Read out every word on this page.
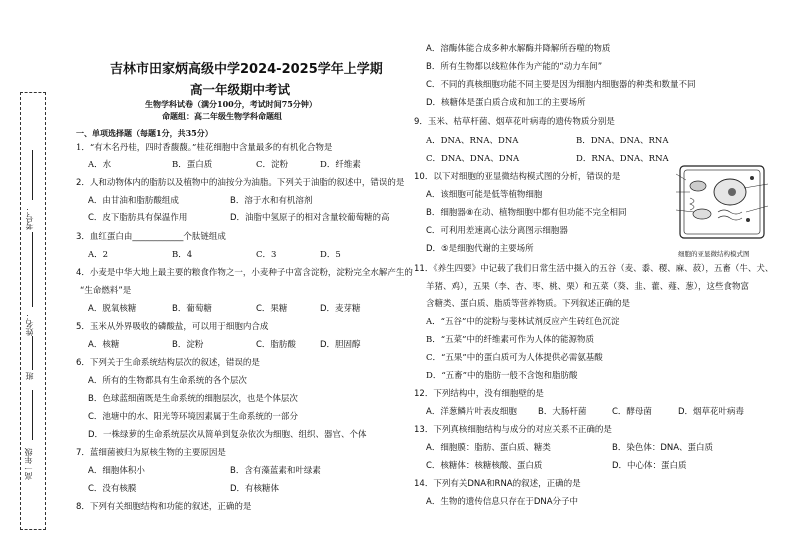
考号：
姓名：
班
高一年级
吉林市田家炳高级中学2024-2025学年上学期
高一年级期中考试
生物学科试卷（满分100分，考试时间75分钟）
命题组：高二年级生物学科命题组
一、单项选择题（每题1分，共35分）
1．“有木名丹桂，四时香馥馥。”桂花细胞中含量最多的有机化合物是
A．水	B．蛋白质	C．淀粉	D．纤维素
2．人和动物体内的脂肪以及植物中的油按分为油脂。下列关于油脂的叙述中，错误的是
A．由甘油和脂肪酸组成	B．溶于水和有机溶剂
C．皮下脂肪具有保温作用	D．油脂中氢原子的相对含量较葡萄糖的高
3．血红蛋白由____________个肽链组成
A．2	B．4	C．3	D．5
4．小麦是中华大地上最主要的粮食作物之一，小麦种子中富含淀粉，淀粉完全水解产生的
“生命燃料”是
A．脱氧核糖	B．葡萄糖	C．果糖	D．麦芽糖
5．玉米从外界吸收的磷酸盐，可以用于细胞内合成
A．核糖	B．淀粉	C．脂肪酸	D．胆固醇
6．下列关于生命系统结构层次的叙述，错误的是
A．所有的生物都具有生命系统的各个层次
B．色球蓝细菌既是生命系统的细胞层次，也是个体层次
C．池塘中的水、阳光等环境因素属于生命系统的一部分
D．一株绿萝的生命系统层次从简单到复杂依次为细胞、组织、器官、个体
7．蓝细菌被归为原核生物的主要原因是
A．细胞体积小	B．含有藻蓝素和叶绿素
C．没有核膜	D．有核糖体
8．下列有关细胞结构和功能的叙述，正确的是
A．溶酶体能合成多种水解酶并降解所吞噬的物质
B．所有生物都以线粒体作为产能的“动力车间”
C．不同的真核细胞功能不同主要是因为细胞内细胞器的种类和数量不同
D．核糖体是蛋白质合成和加工的主要场所
9．玉米、枯草杆菌、烟草花叶病毒的遗传物质分别是
A．DNA、RNA、DNA	B．DNA、DNA、RNA
C．DNA、DNA、DNA	D．RNA、DNA、RNA
10．以下对细胞的亚显微结构模式图的分析，错误的是
A．该细胞可能是低等植物细胞
B．细胞器⑧在动、植物细胞中都有但功能不完全相同
C．可利用差速离心法分离图示细胞器
D．⑤是细胞代谢的主要场所	细胞的亚显微结构模式图
11．《养生四要》中记载了我们日常生活中摄入的五谷（麦、黍、稷、麻、菽），五畜（牛、犬、
羊猪、鸡），五果（李、杏、枣、桃、栗）和五菜（葵、韭、藿、薤、葱），这些食物富
含糖类、蛋白质、脂质等营养物质。下列叙述正确的是
A．“五谷”中的淀粉与斐林试剂反应产生砖红色沉淀
B．“五菜”中的纤维素可作为人体的能源物质
C．“五果”中的蛋白质可为人体提供必需氨基酸
D．“五畜”中的脂肪一般不含饱和脂肪酸
12．下列结构中，没有细胞壁的是
A．洋葱鳞片叶表皮细胞 B．大肠杆菌	C．酵母菌	D．烟草花叶病毒
13．下列真核细胞结构与成分的对应关系不正确的是
A．细胞膜：脂肪、蛋白质、糖类	B．染色体：DNA、蛋白质
C．核糖体：核糖核酸、蛋白质	D．中心体：蛋白质
14．下列有关DNA和RNA的叙述，正确的是
A．生物的遗传信息只存在于DNA分子中
